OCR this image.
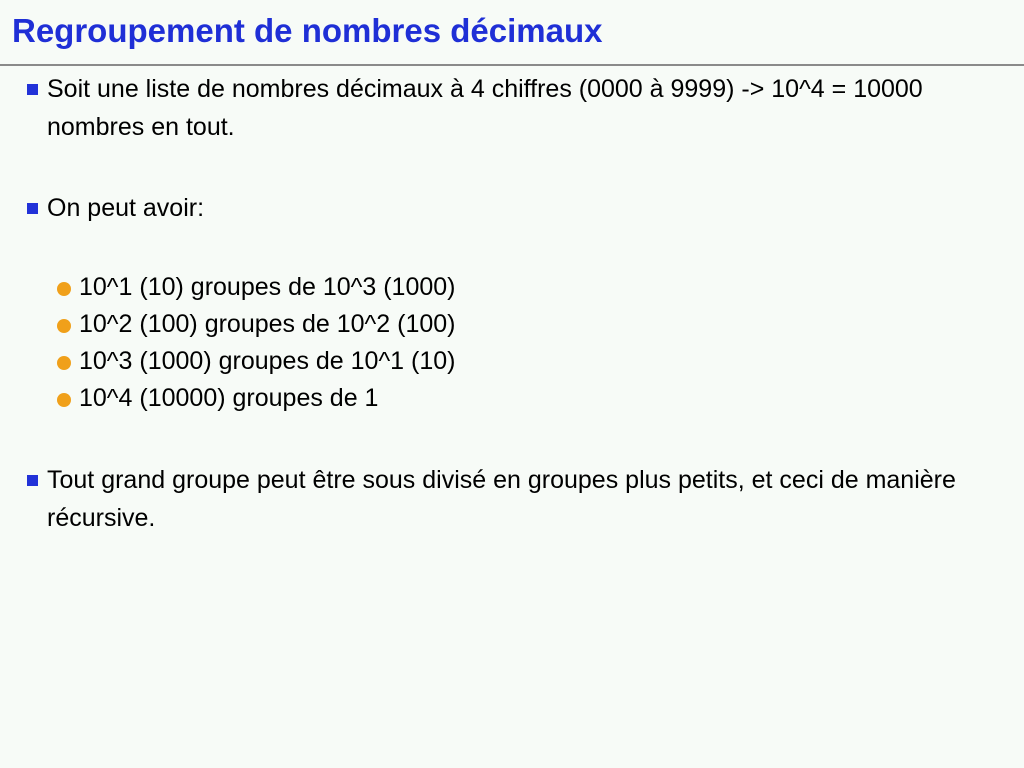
Regroupement de nombres décimaux
Soit une liste de nombres décimaux à 4 chiffres (0000 à 9999) -> 10^4 = 10000 nombres en tout.
On peut avoir:
10^1 (10) groupes de 10^3 (1000)
10^2 (100) groupes de 10^2 (100)
10^3 (1000) groupes de 10^1 (10)
10^4 (10000) groupes de 1
Tout grand groupe peut être sous divisé en groupes plus petits, et ceci de manière récursive.
